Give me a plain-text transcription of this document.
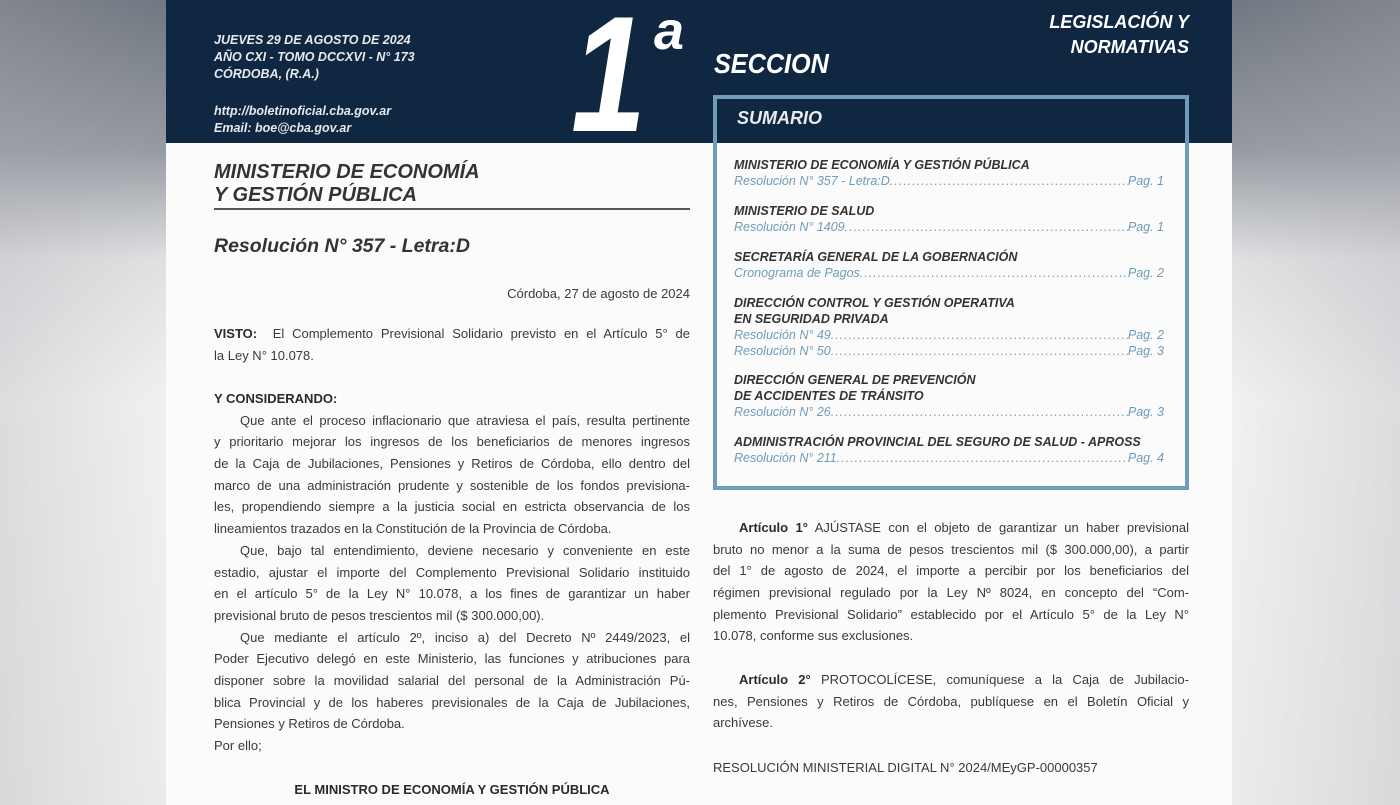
JUEVES 29 DE AGOSTO DE 2024
AÑO CXI - TOMO DCCXVI - N° 173
CÓRDOBA, (R.A.)
http://boletinoficial.cba.gov.ar
Email: boe@cba.gov.ar	1 a
SECCION
LEGISLACIÓN Y
NORMATIVAS
MINISTERIO DE ECONOMÍA
Y GESTIÓN PÚBLICA
Resolución N° 357 - Letra:D
Córdoba, 27 de agosto de 2024
VISTO: El Complemento Previsional Solidario previsto en el Artículo 5° de
la Ley N° 10.078.
Y CONSIDERANDO:
Que ante el proceso inflacionario que atraviesa el país, resulta pertinente
y prioritario mejorar los ingresos de los beneficiarios de menores ingresos
de la Caja de Jubilaciones, Pensiones y Retiros de Córdoba, ello dentro del
marco de una administración prudente y sostenible de los fondos previsiona-
les, propendiendo siempre a la justicia social en estricta observancia de los
lineamientos trazados en la Constitución de la Provincia de Córdoba.
Que, bajo tal entendimiento, deviene necesario y conveniente en este
estadio, ajustar el importe del Complemento Previsional Solidario instituido
en el artículo 5° de la Ley N° 10.078, a los fines de garantizar un haber
previsional bruto de pesos trescientos mil ($ 300.000,00).
Que mediante el artículo 2º, inciso a) del Decreto Nº 2449/2023, el
Poder Ejecutivo delegó en este Ministerio, las funciones y atribuciones para
disponer sobre la movilidad salarial del personal de la Administración Pú-
blica Provincial y de los haberes previsionales de la Caja de Jubilaciones,
Pensiones y Retiros de Córdoba.
Por ello;
EL MINISTRO DE ECONOMÍA Y GESTIÓN PÚBLICA
SUMARIO
MINISTERIO DE ECONOMÍA Y GESTIÓN PÚBLICA
Resolución N° 357 - Letra:D .....	Pag. 1
MINISTERIO DE SALUD
Resolución N° 1409 .....	Pag. 1
SECRETARÍA GENERAL DE LA GOBERNACIÓN
Cronograma de Pagos .....	Pag. 2
DIRECCIÓN CONTROL Y GESTIÓN OPERATIVA
EN SEGURIDAD PRIVADA
Resolución N° 49 .....	Pag. 2
Resolución N° 50 .....	Pag. 3
DIRECCIÓN GENERAL DE PREVENCIÓN
DE ACCIDENTES DE TRÁNSITO
Resolución N° 26 .....	Pag. 3
ADMINISTRACIÓN PROVINCIAL DEL SEGURO DE SALUD - APROSS
Resolución N° 211 .....	Pag. 4
Artículo 1° AJÚSTASE con el objeto de garantizar un haber previsional
bruto no menor a la suma de pesos trescientos mil ($ 300.000,00), a partir
del 1° de agosto de 2024, el importe a percibir por los beneficiarios del
régimen previsional regulado por la Ley Nº 8024, en concepto del “Com-
plemento Previsional Solidario” establecido por el Artículo 5° de la Ley N°
10.078, conforme sus exclusiones.
Artículo 2° PROTOCOLÍCESE, comuníquese a la Caja de Jubilacio-
nes, Pensiones y Retiros de Córdoba, publíquese en el Boletín Oficial y
archívese.
RESOLUCIÓN MINISTERIAL DIGITAL N° 2024/MEyGP-00000357
